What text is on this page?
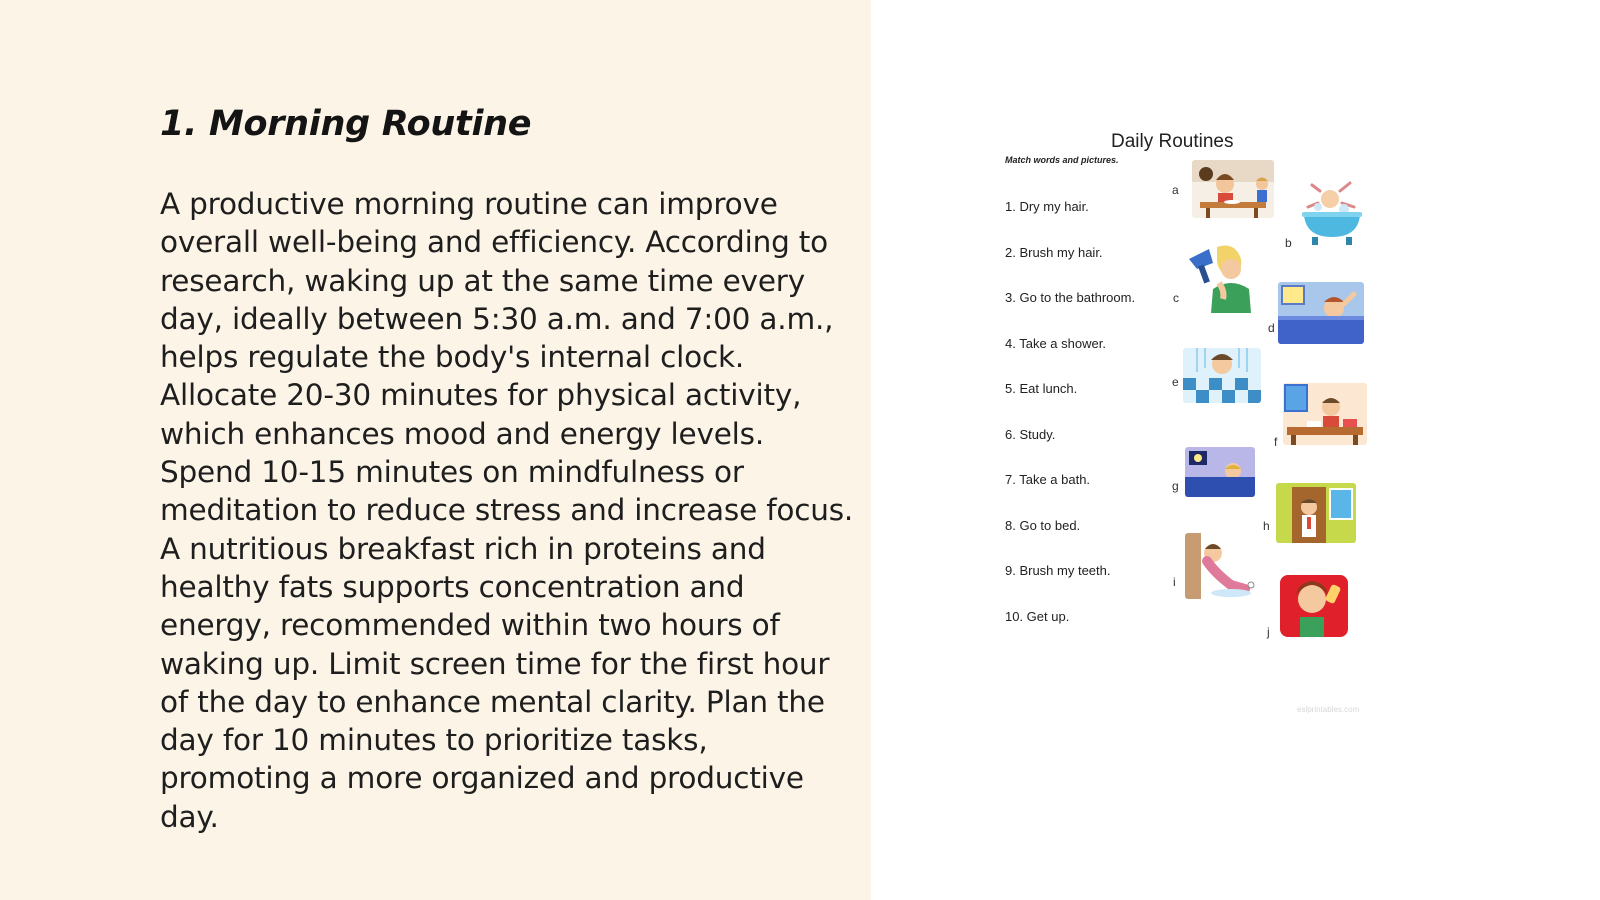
1. Morning Routine

A productive morning routine can improve overall well-being and efficiency. According to research, waking up at the same time every day, ideally between 5:30 a.m. and 7:00 a.m., helps regulate the body's internal clock. Allocate 20-30 minutes for physical activity, which enhances mood and energy levels. Spend 10-15 minutes on mindfulness or meditation to reduce stress and increase focus. A nutritious breakfast rich in proteins and healthy fats supports concentration and energy, recommended within two hours of waking up. Limit screen time for the first hour of the day to enhance mental clarity. Plan the day for 10 minutes to prioritize tasks, promoting a more organized and productive day.

Daily Routines
Match words and pictures.
1. Dry my hair.
2. Brush my hair.
3. Go to the bathroom.
4. Take a shower.
5. Eat lunch.
6. Study.
7. Take a bath.
8. Go to bed.
9. Brush my teeth.
10. Get up.
a
b
c
d
e
f
g
h
i
j
eslprintables.com
